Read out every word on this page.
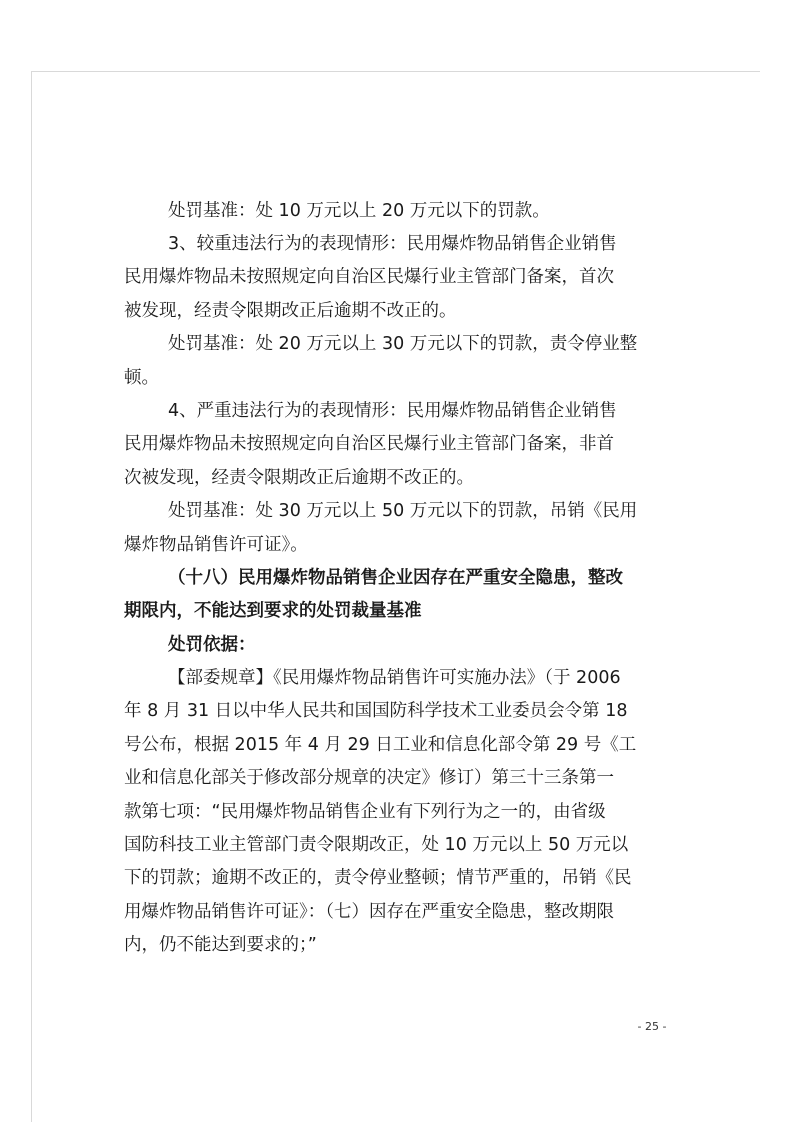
处罚基准：处 10 万元以上 20 万元以下的罚款。
3、较重违法行为的表现情形：民用爆炸物品销售企业销售
民用爆炸物品未按照规定向自治区民爆行业主管部门备案，首次
被发现，经责令限期改正后逾期不改正的。
处罚基准：处 20 万元以上 30 万元以下的罚款，责令停业整
顿。
4、严重违法行为的表现情形：民用爆炸物品销售企业销售
民用爆炸物品未按照规定向自治区民爆行业主管部门备案，非首
次被发现，经责令限期改正后逾期不改正的。
处罚基准：处 30 万元以上 50 万元以下的罚款，吊销《民用
爆炸物品销售许可证》。
（十八）民用爆炸物品销售企业因存在严重安全隐患，整改
期限内，不能达到要求的处罚裁量基准
处罚依据：
【部委规章】《民用爆炸物品销售许可实施办法》（于 2006
年 8 月 31 日以中华人民共和国国防科学技术工业委员会令第 18
号公布，根据 2015 年 4 月 29 日工业和信息化部令第 29 号《工
业和信息化部关于修改部分规章的决定》修订）第三十三条第一
款第七项：“民用爆炸物品销售企业有下列行为之一的，由省级
国防科技工业主管部门责令限期改正，处 10 万元以上 50 万元以
下的罚款；逾期不改正的，责令停业整顿；情节严重的，吊销《民
用爆炸物品销售许可证》：（七）因存在严重安全隐患，整改期限
内，仍不能达到要求的；”
- 25 -
